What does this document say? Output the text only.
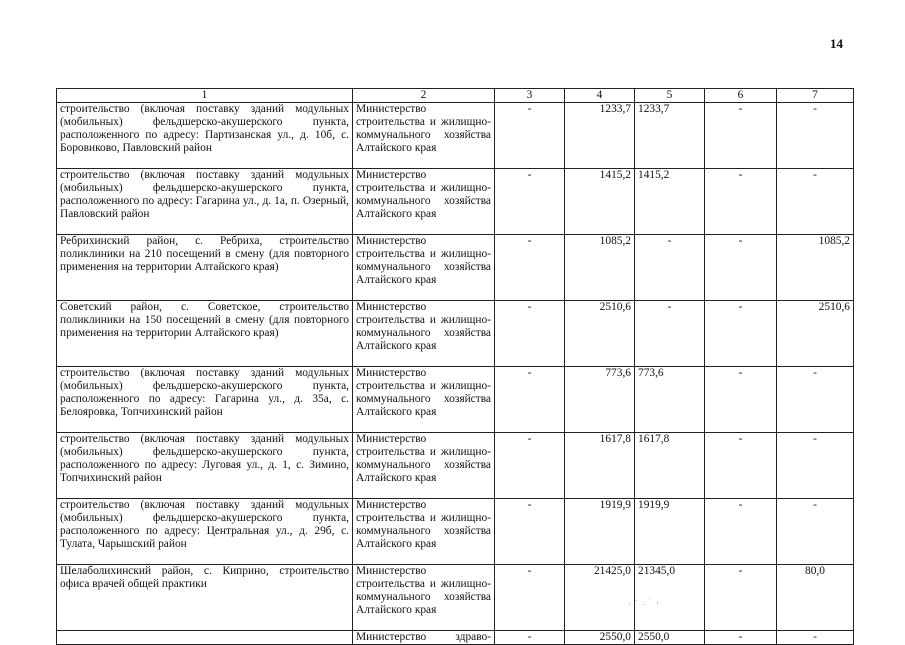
14
1	2	3	4	5	6	7
строительство (включая поставку зданий модульных (мобильных) фельдшерско-акушерского пункта, расположенного по адресу: Партизанская ул., д. 10б, с. Боровиково, Павловский район	Министерство строительства и жилищно-коммунального хозяйства Алтайского края	-	1233,7	1233,7	-	-
строительство (включая поставку зданий модульных (мобильных) фельдшерско-акушерского пункта, расположенного по адресу: Гагарина ул., д. 1а, п. Озерный, Павловский район	Министерство строительства и жилищно-коммунального хозяйства Алтайского края	-	1415,2	1415,2	-	-
Ребрихинский район, с. Ребриха, строительство поликлиники на 210 посещений в смену (для повторного применения на территории Алтайского края)	Министерство строительства и жилищно-коммунального хозяйства Алтайского края	-	1085,2	-	-	1085,2
Советский район, с. Советское, строительство поликлиники на 150 посещений в смену (для повторного применения на территории Алтайского края)	Министерство строительства и жилищно-коммунального хозяйства Алтайского края	-	2510,6	-	-	2510,6
строительство (включая поставку зданий модульных (мобильных) фельдшерско-акушерского пункта, расположенного по адресу: Гагарина ул., д. 35а, с. Белояровка, Топчихинский район	Министерство строительства и жилищно-коммунального хозяйства Алтайского края	-	773,6	773,6	-	-
строительство (включая поставку зданий модульных (мобильных) фельдшерско-акушерского пункта, расположенного по адресу: Луговая ул., д. 1, с. Зимино, Топчихинский район	Министерство строительства и жилищно-коммунального хозяйства Алтайского края	-	1617,8	1617,8	-	-
строительство (включая поставку зданий модульных (мобильных) фельдшерско-акушерского пункта, расположенного по адресу: Центральная ул., д. 29б, с. Тулата, Чарышский район	Министерство строительства и жилищно-коммунального хозяйства Алтайского края	-	1919,9	1919,9	-	-
Шелаболихинский район, с. Киприно, строительство офиса врачей общей практики	Министерство строительства и жилищно-коммунального хозяйства Алтайского края	-	21425,0	21345,0	-	80,0
	Министерство здраво-	-	2550,0	2550,0	-	-
· ˙ . ˙ ,
